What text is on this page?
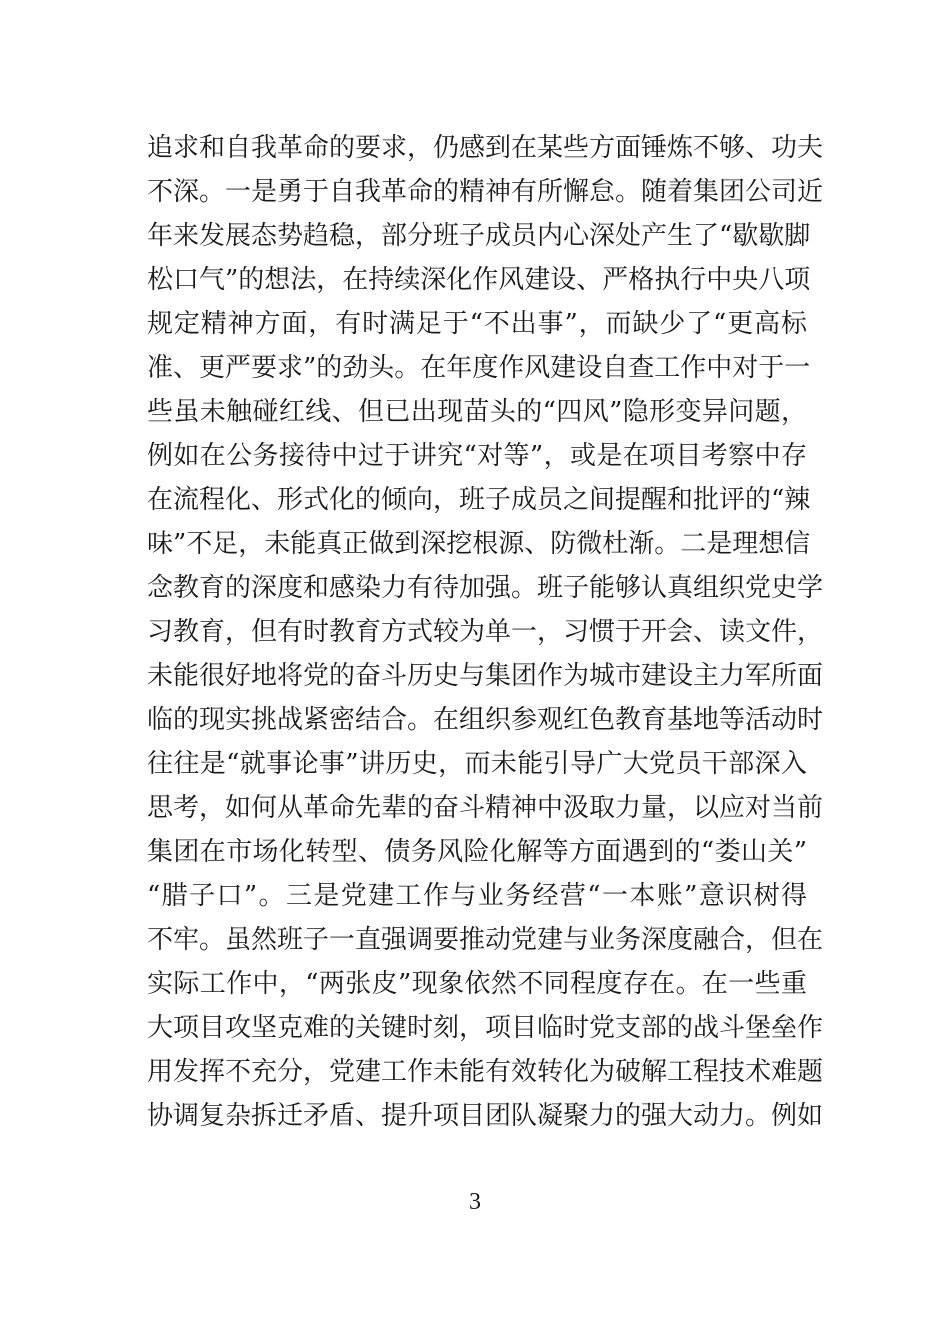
追求和自我革命的要求，仍感到在某些方面锤炼不够、功夫
不深。一是勇于自我革命的精神有所懈怠。随着集团公司近
年来发展态势趋稳，部分班子成员内心深处产生了“歇歇脚
松口气”的想法，在持续深化作风建设、严格执行中央八项
规定精神方面，有时满足于“不出事”，而缺少了“更高标
准、更严要求”的劲头。在年度作风建设自查工作中对于一
些虽未触碰红线、但已出现苗头的“四风”隐形变异问题，
例如在公务接待中过于讲究“对等”，或是在项目考察中存
在流程化、形式化的倾向，班子成员之间提醒和批评的“辣
味”不足，未能真正做到深挖根源、防微杜渐。二是理想信
念教育的深度和感染力有待加强。班子能够认真组织党史学
习教育，但有时教育方式较为单一，习惯于开会、读文件，
未能很好地将党的奋斗历史与集团作为城市建设主力军所面
临的现实挑战紧密结合。在组织参观红色教育基地等活动时
往往是“就事论事”讲历史，而未能引导广大党员干部深入
思考，如何从革命先辈的奋斗精神中汲取力量，以应对当前
集团在市场化转型、债务风险化解等方面遇到的“娄山关”
“腊子口”。三是党建工作与业务经营“一本账”意识树得
不牢。虽然班子一直强调要推动党建与业务深度融合，但在
实际工作中，“两张皮”现象依然不同程度存在。在一些重
大项目攻坚克难的关键时刻，项目临时党支部的战斗堡垒作
用发挥不充分，党建工作未能有效转化为破解工程技术难题
协调复杂拆迁矛盾、提升项目团队凝聚力的强大动力。例如
3
